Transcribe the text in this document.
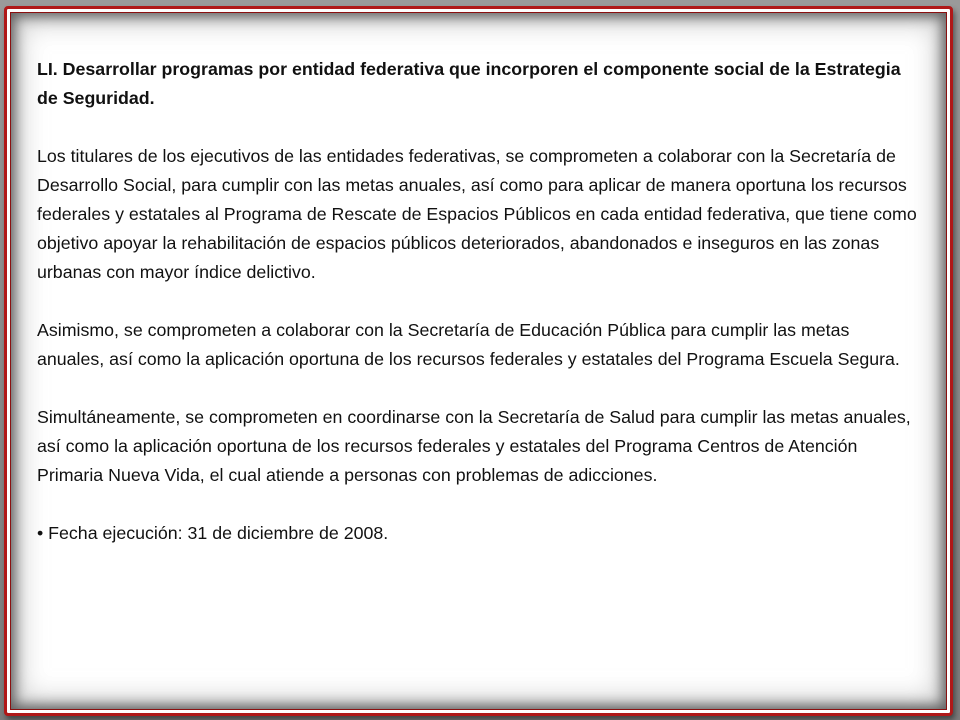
LI. Desarrollar programas por entidad federativa que incorporen el componente social de la Estrategia de Seguridad.

Los titulares de los ejecutivos de las entidades federativas, se comprometen a colaborar con la Secretaría de Desarrollo Social, para cumplir con las metas anuales, así como para aplicar de manera oportuna los recursos federales y estatales al Programa de Rescate de Espacios Públicos en cada entidad federativa, que tiene como objetivo apoyar la rehabilitación de espacios públicos deteriorados, abandonados e inseguros en las zonas urbanas con mayor índice delictivo.

Asimismo, se comprometen a colaborar con la Secretaría de Educación Pública para cumplir las metas anuales, así como la aplicación oportuna de los recursos federales y estatales del Programa Escuela Segura.

Simultáneamente, se comprometen en coordinarse con la Secretaría de Salud para cumplir las metas anuales, así como la aplicación oportuna de los recursos federales y estatales del Programa Centros de Atención Primaria Nueva Vida, el cual atiende a personas con problemas de adicciones.

• Fecha ejecución: 31 de diciembre de 2008.
